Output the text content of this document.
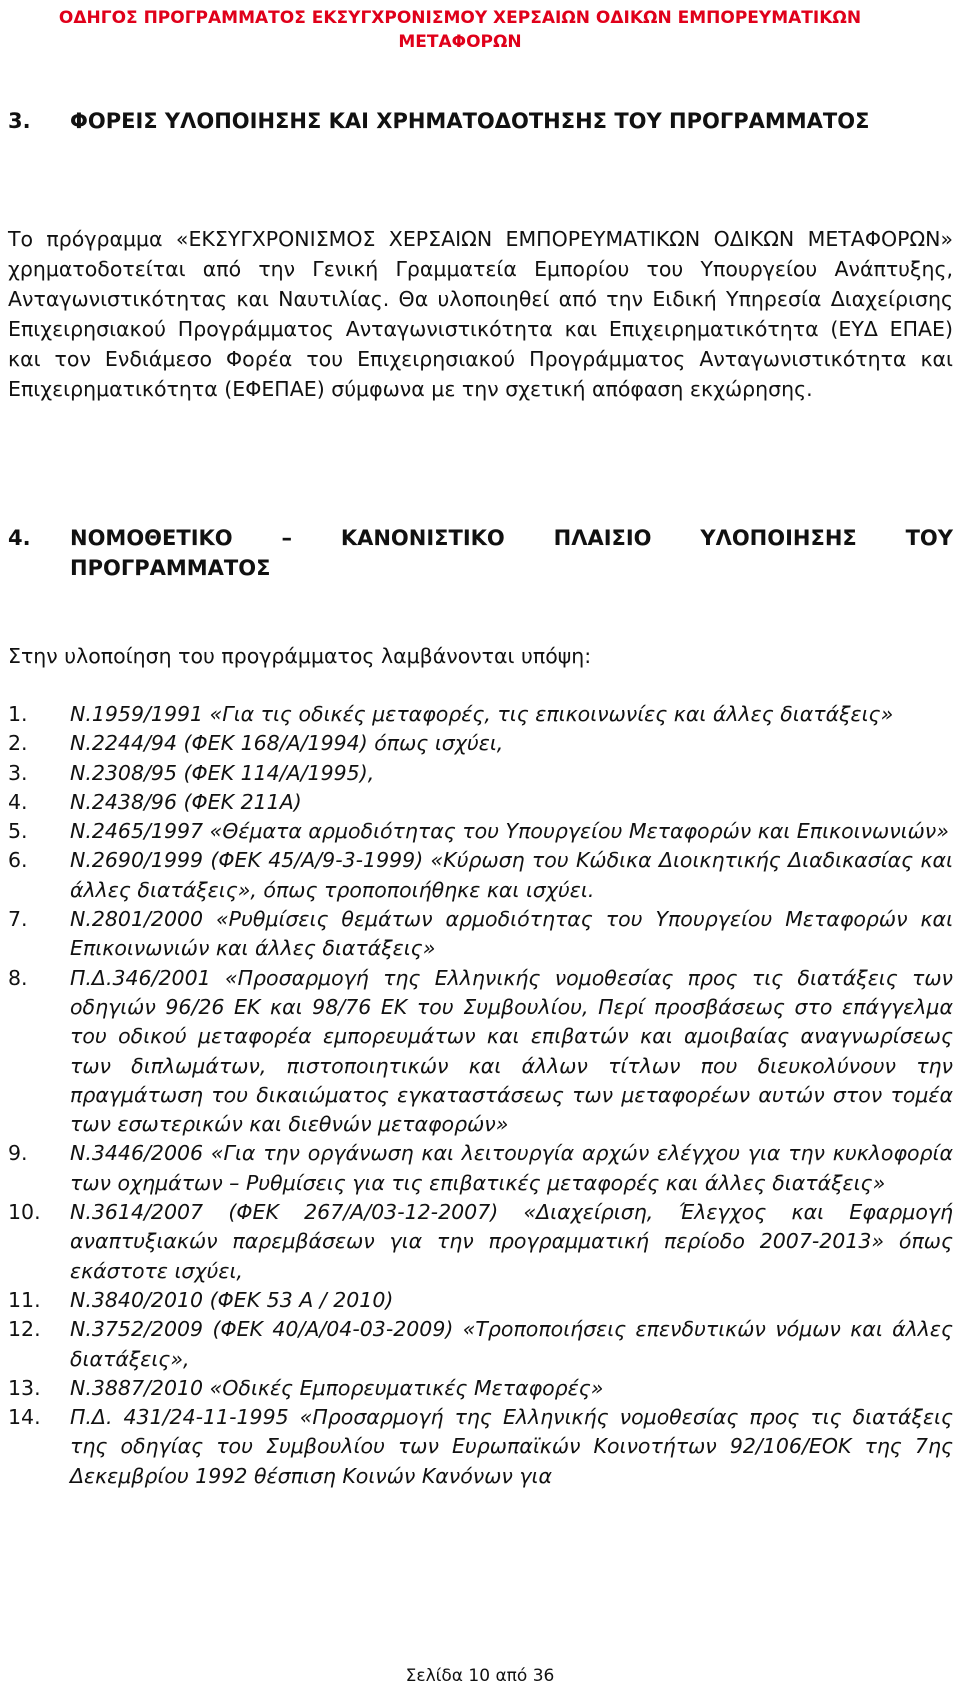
ΟΔΗΓΟΣ ΠΡΟΓΡΑΜΜΑΤΟΣ ΕΚΣΥΓΧΡΟΝΙΣΜΟΥ ΧΕΡΣΑΙΩΝ ΟΔΙΚΩΝ ΕΜΠΟΡΕΥΜΑΤΙΚΩΝ
ΜΕΤΑΦΟΡΩΝ
3.	ΦΟΡΕΙΣ ΥΛΟΠΟΙΗΣΗΣ ΚΑΙ ΧΡΗΜΑΤΟΔΟΤΗΣΗΣ ΤΟΥ ΠΡΟΓΡΑΜΜΑΤΟΣ
Το πρόγραμμα «ΕΚΣΥΓΧΡΟΝΙΣΜΟΣ ΧΕΡΣΑΙΩΝ ΕΜΠΟΡΕΥΜΑΤΙΚΩΝ ΟΔΙΚΩΝ ΜΕΤΑΦΟΡΩΝ» χρηματοδοτείται από την Γενική Γραμματεία Εμπορίου του Υπουργείου Ανάπτυξης, Ανταγωνιστικότητας και Ναυτιλίας. Θα υλοποιηθεί από την Ειδική Υπηρεσία Διαχείρισης Επιχειρησιακού Προγράμματος Ανταγωνιστικότητα και Επιχειρηματικότητα (ΕΥΔ ΕΠΑΕ) και τον Ενδιάμεσο Φορέα του Επιχειρησιακού Προγράμματος Ανταγωνιστικότητα και Επιχειρηματικότητα (ΕΦΕΠΑΕ) σύμφωνα με την σχετική απόφαση εκχώρησης.
4.	ΝΟΜΟΘΕΤΙΚΟ – ΚΑΝΟΝΙΣΤΙΚΟ ΠΛΑΙΣΙΟ ΥΛΟΠΟΙΗΣΗΣ ΤΟΥ ΠΡΟΓΡΑΜΜΑΤΟΣ
Στην υλοποίηση του προγράμματος λαμβάνονται υπόψη:
1.	Ν.1959/1991 «Για τις οδικές μεταφορές, τις επικοινωνίες και άλλες διατάξεις»
2.	Ν.2244/94 (ΦΕΚ 168/Α/1994) όπως ισχύει,
3.	Ν.2308/95 (ΦΕΚ 114/Α/1995),
4.	Ν.2438/96 (ΦΕΚ 211Α)
5.	Ν.2465/1997 «Θέματα αρμοδιότητας του Υπουργείου Μεταφορών και Επικοινωνιών»
6.	Ν.2690/1999 (ΦΕΚ 45/Α/9-3-1999) «Κύρωση του Κώδικα Διοικητικής Διαδικασίας και άλλες διατάξεις», όπως τροποποιήθηκε και ισχύει.
7.	Ν.2801/2000 «Ρυθμίσεις θεμάτων αρμοδιότητας του Υπουργείου Μεταφορών και Επικοινωνιών και άλλες διατάξεις»
8.	Π.Δ.346/2001 «Προσαρμογή της Ελληνικής νομοθεσίας προς τις διατάξεις των οδηγιών 96/26 ΕΚ και 98/76 ΕΚ του Συμβουλίου, Περί προσβάσεως στο επάγγελμα του οδικού μεταφορέα εμπορευμάτων και επιβατών και αμοιβαίας αναγνωρίσεως των διπλωμάτων, πιστοποιητικών και άλλων τίτλων που διευκολύνουν την πραγμάτωση του δικαιώματος εγκαταστάσεως των μεταφορέων αυτών στον τομέα των εσωτερικών και διεθνών μεταφορών»
9.	Ν.3446/2006 «Για την οργάνωση και λειτουργία αρχών ελέγχου για την κυκλοφορία των οχημάτων – Ρυθμίσεις για τις επιβατικές μεταφορές και άλλες διατάξεις»
10.	Ν.3614/2007 (ΦΕΚ 267/Α/03-12-2007) «Διαχείριση, Έλεγχος και Εφαρμογή αναπτυξιακών παρεμβάσεων για την προγραμματική περίοδο 2007-2013» όπως εκάστοτε ισχύει,
11.	Ν.3840/2010 (ΦΕΚ 53 Α / 2010)
12.	Ν.3752/2009 (ΦΕΚ 40/Α/04-03-2009) «Τροποποιήσεις επενδυτικών νόμων και άλλες διατάξεις»,
13.	Ν.3887/2010 «Οδικές Εμπορευματικές Μεταφορές»
14.	Π.Δ. 431/24-11-1995 «Προσαρμογή της Ελληνικής νομοθεσίας προς τις διατάξεις της οδηγίας του Συμβουλίου των Ευρωπαϊκών Κοινοτήτων 92/106/ΕΟΚ της 7ης Δεκεμβρίου 1992 θέσπιση Κοινών Κανόνων για
Σελίδα 10 από 36
